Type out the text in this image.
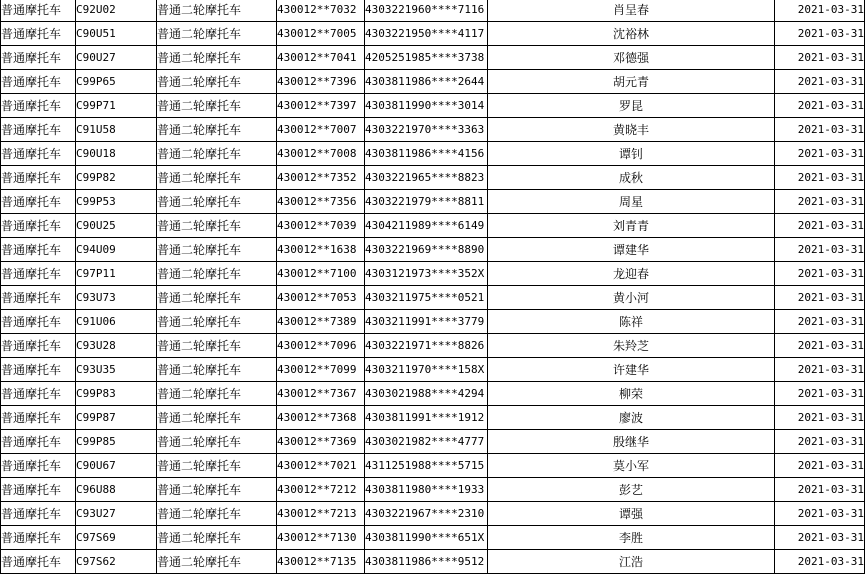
普通摩托车	C92U02	普通二轮摩托车	430012**7032	4303221960****7116	肖呈春	2021-03-31
普通摩托车	C90U51	普通二轮摩托车	430012**7005	4303221950****4117	沈裕林	2021-03-31
普通摩托车	C90U27	普通二轮摩托车	430012**7041	4205251985****3738	邓德强	2021-03-31
普通摩托车	C99P65	普通二轮摩托车	430012**7396	4303811986****2644	胡元青	2021-03-31
普通摩托车	C99P71	普通二轮摩托车	430012**7397	4303811990****3014	罗昆	2021-03-31
普通摩托车	C91U58	普通二轮摩托车	430012**7007	4303221970****3363	黄晓丰	2021-03-31
普通摩托车	C90U18	普通二轮摩托车	430012**7008	4303811986****4156	谭钊	2021-03-31
普通摩托车	C99P82	普通二轮摩托车	430012**7352	4303221965****8823	成秋	2021-03-31
普通摩托车	C99P53	普通二轮摩托车	430012**7356	4303221979****8811	周星	2021-03-31
普通摩托车	C90U25	普通二轮摩托车	430012**7039	4304211989****6149	刘青青	2021-03-31
普通摩托车	C94U09	普通二轮摩托车	430012**1638	4303221969****8890	谭建华	2021-03-31
普通摩托车	C97P11	普通二轮摩托车	430012**7100	4303121973****352X	龙迎春	2021-03-31
普通摩托车	C93U73	普通二轮摩托车	430012**7053	4303211975****0521	黄小河	2021-03-31
普通摩托车	C91U06	普通二轮摩托车	430012**7389	4303211991****3779	陈祥	2021-03-31
普通摩托车	C93U28	普通二轮摩托车	430012**7096	4303221971****8826	朱羚芝	2021-03-31
普通摩托车	C93U35	普通二轮摩托车	430012**7099	4303211970****158X	许建华	2021-03-31
普通摩托车	C99P83	普通二轮摩托车	430012**7367	4303021988****4294	柳荣	2021-03-31
普通摩托车	C99P87	普通二轮摩托车	430012**7368	4303811991****1912	廖波	2021-03-31
普通摩托车	C99P85	普通二轮摩托车	430012**7369	4303021982****4777	殷继华	2021-03-31
普通摩托车	C90U67	普通二轮摩托车	430012**7021	4311251988****5715	莫小军	2021-03-31
普通摩托车	C96U88	普通二轮摩托车	430012**7212	4303811980****1933	彭艺	2021-03-31
普通摩托车	C93U27	普通二轮摩托车	430012**7213	4303221967****2310	谭强	2021-03-31
普通摩托车	C97S69	普通二轮摩托车	430012**7130	4303811990****651X	李胜	2021-03-31
普通摩托车	C97S62	普通二轮摩托车	430012**7135	4303811986****9512	江浩	2021-03-31
